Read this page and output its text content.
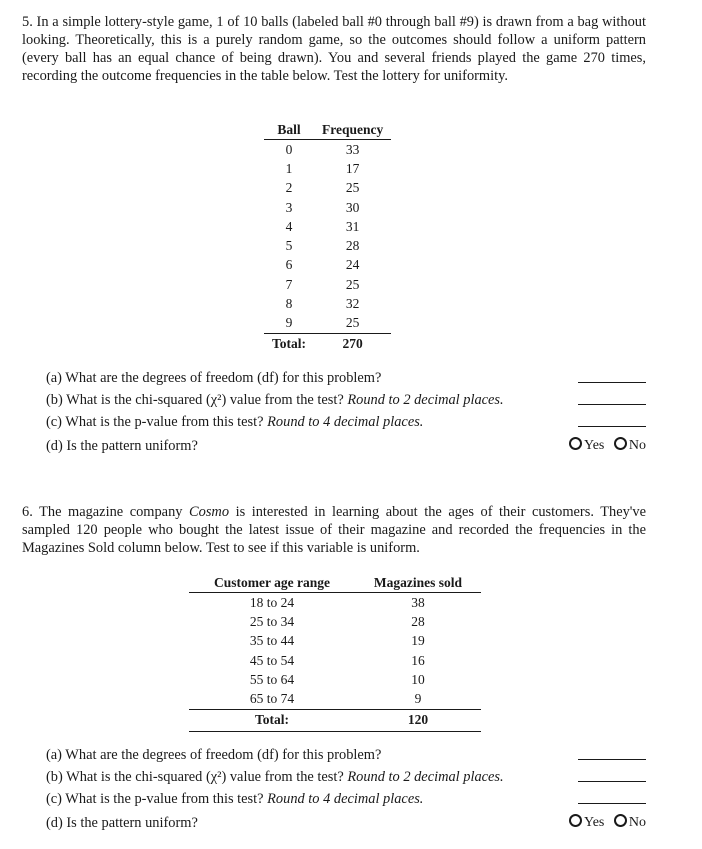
5. In a simple lottery-style game, 1 of 10 balls (labeled ball #0 through ball #9) is drawn from a bag without looking. Theoretically, this is a purely random game, so the outcomes should follow a uniform pattern (every ball has an equal chance of being drawn). You and several friends played the game 270 times, recording the outcome frequencies in the table below. Test the lottery for uniformity.

Ball	Frequency
0	33
1	17
2	25
3	30
4	31
5	28
6	24
7	25
8	32
9	25
Total:	270
(a) What are the degrees of freedom (df) for this problem?
(b) What is the chi-squared (χ²) value from the test? Round to 2 decimal places.
(c) What is the p-value from this test? Round to 4 decimal places.
(d) Is the pattern uniform?	Yes No

6. The magazine company Cosmo is interested in learning about the ages of their customers. They've sampled 120 people who bought the latest issue of their magazine and recorded the frequencies in the Magazines Sold column below. Test to see if this variable is uniform.

Customer age range	Magazines sold
18 to 24	38
25 to 34	28
35 to 44	19
45 to 54	16
55 to 64	10
65 to 74	9
Total:	120
(a) What are the degrees of freedom (df) for this problem?
(b) What is the chi-squared (χ²) value from the test? Round to 2 decimal places.
(c) What is the p-value from this test? Round to 4 decimal places.
(d) Is the pattern uniform?	Yes No
